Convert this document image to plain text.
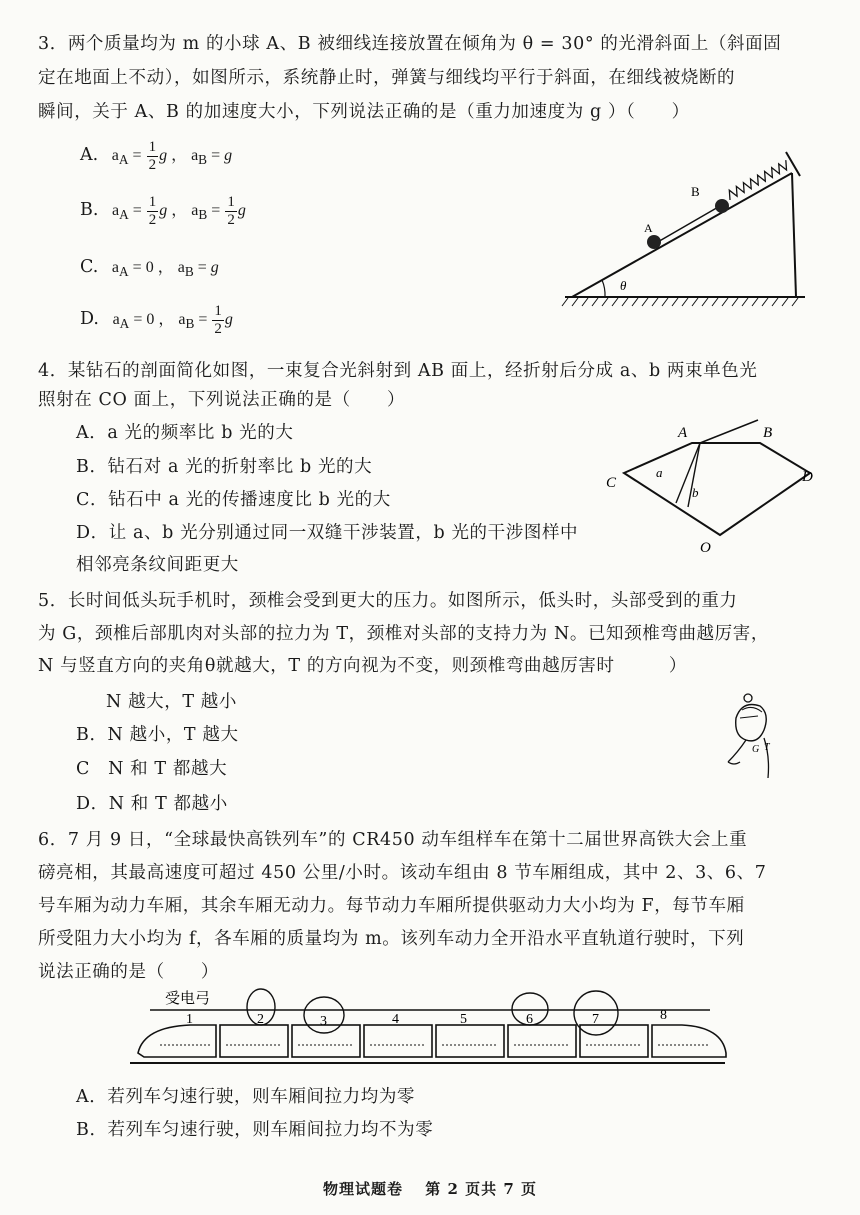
3．两个质量均为 m 的小球 A、B 被细线连接放置在倾角为 θ = 30° 的光滑斜面上（斜面固
定在地面上不动），如图所示，系统静止时，弹簧与细线均平行于斜面，在细线被烧断的
瞬间，关于 A、B 的加速度大小，下列说法正确的是（重力加速度为 g ）（　　）
A.   $a_A = \frac{1}{2}$ g ， $a_B = g$
B.   $a_A = \frac{1}{2}$ g ， $a_B = \frac{1}{2}$ g
C.   $a_A = 0$ ， $a_B = g$
D.   $a_A = 0$ ， $a_B = \frac{1}{2}$ g
θ
A
B
4．某钻石的剖面简化如图，一束复合光斜射到 AB 面上，经折射后分成 a、b 两束单色光
照射在 CO 面上，下列说法正确的是（　　）
A．a 光的频率比 b 光的大
B．钻石对 a 光的折射率比 b 光的大
C．钻石中 a 光的传播速度比 b 光的大
D．让 a、b 光分别通过同一双缝干涉装置，b 光的干涉图样中
相邻亮条纹间距更大
A	B
C	D
O
a
b
5．长时间低头玩手机时，颈椎会受到更大的压力。如图所示，低头时，头部受到的重力
为 G，颈椎后部肌肉对头部的拉力为 T，颈椎对头部的支持力为 N。已知颈椎弯曲越厉害，
N 与竖直方向的夹角θ就越大，T 的方向视为不变，则颈椎弯曲越厉害时　　　）
N 越大，T 越小
B．N 越小，T 越大
C　N 和 T 都越大
D．N 和 T 都越小
G T
6．7 月 9 日，“全球最快高铁列车”的 CR450 动车组样车在第十二届世界高铁大会上重
磅亮相，其最高速度可超过 450 公里/小时。该动车组由 8 节车厢组成，其中 2、3、6、7
号车厢为动力车厢，其余车厢无动力。每节动力车厢所提供驱动力大小均为 F，每节车厢
所受阻力大小均为 f，各车厢的质量均为 m。该列车动力全开沿水平直轨道行驶时，下列
说法正确的是（　　）
受电弓
1	2	3	4	5	6	7	8
A．若列车匀速行驶，则车厢间拉力均为零
B．若列车匀速行驶，则车厢间拉力均不为零
物理试题卷　 第 2 页共 7 页
